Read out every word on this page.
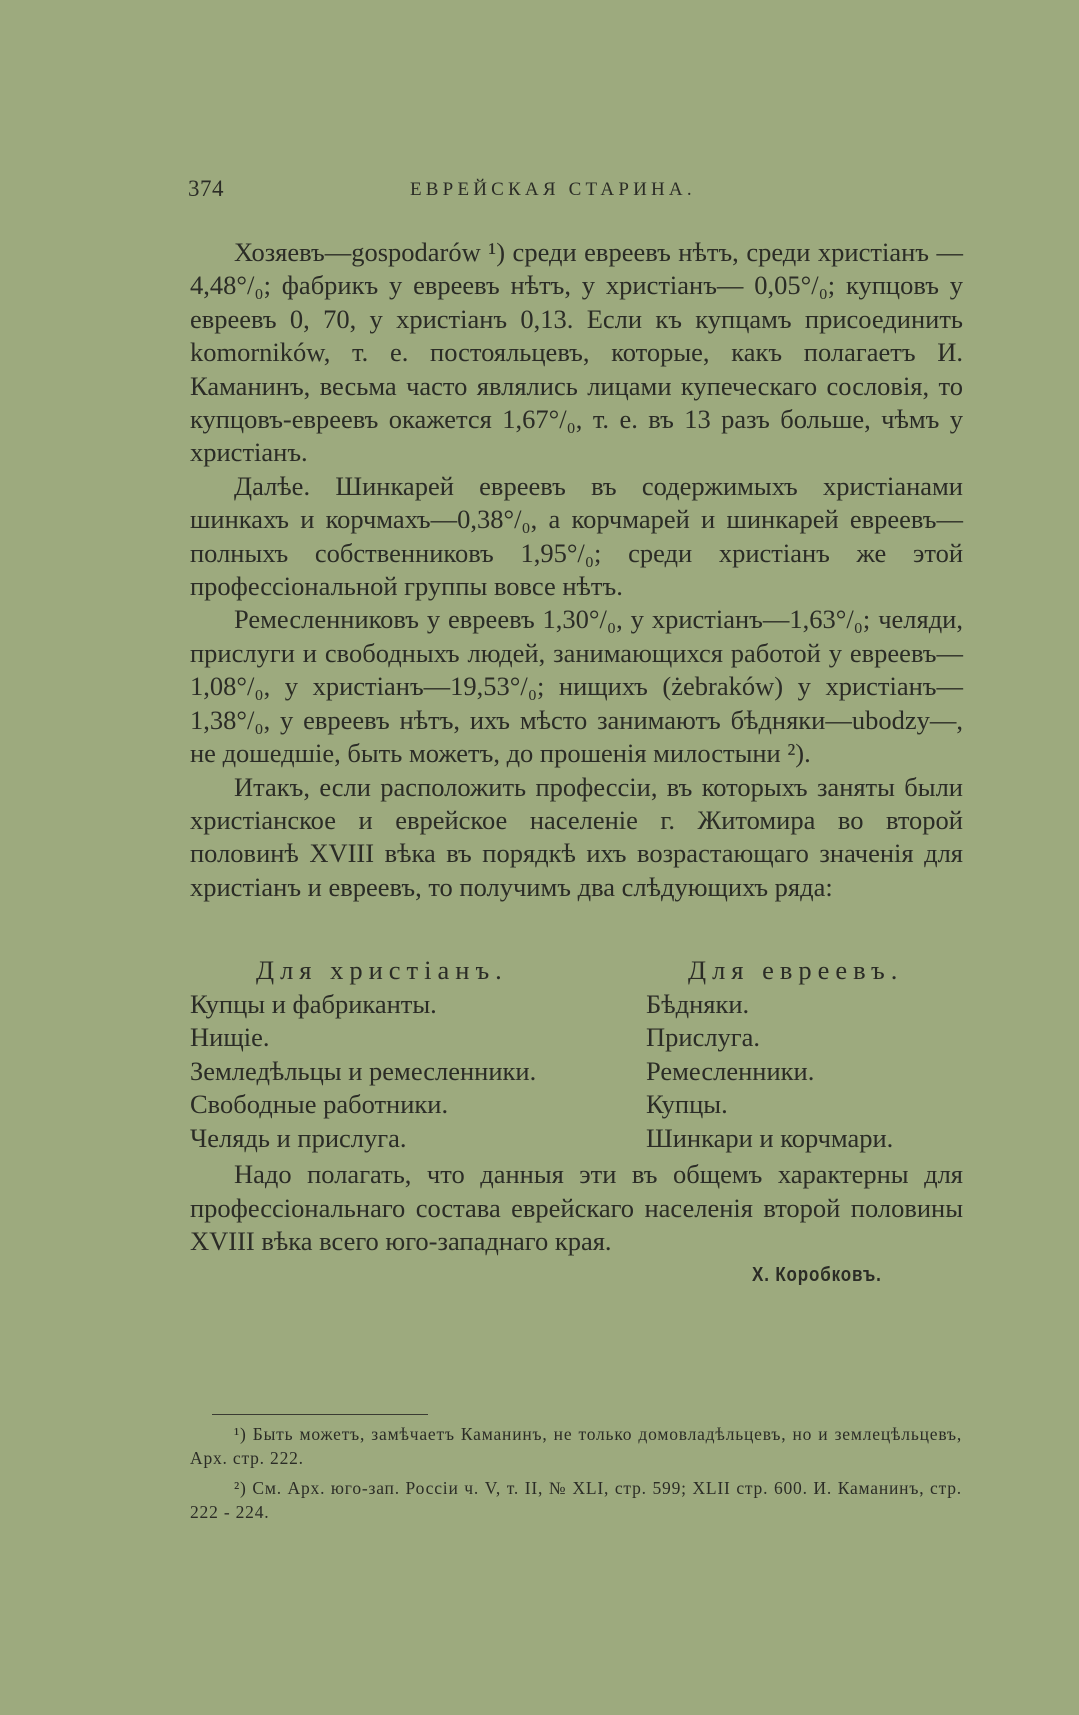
374	ЕВРЕЙСКАЯ СТАРИНА.

Хозяевъ—gospodarów ¹) среди евреевъ нѣтъ, среди христіанъ — 4,48°/₀; фабрикъ у евреевъ нѣтъ, у христіанъ— 0,05°/₀; купцовъ у евреевъ 0, 70, у христіанъ 0,13. Если къ купцамъ присоединить komorników, т. е. постояльцевъ, которые, какъ полагаетъ И. Каманинъ, весьма часто являлись лицами купеческаго сословія, то купцовъ-евреевъ окажется 1,67°/₀, т. е. въ 13 разъ больше, чѣмъ у христіанъ.

Далѣе. Шинкарей евреевъ въ содержимыхъ христіанами шинкахъ и корчмахъ—0,38°/₀, а корчмарей и шинкарей евреевъ—полныхъ собственниковъ 1,95°/₀; среди христіанъ же этой профессіональной группы вовсе нѣтъ.

Ремесленниковъ у евреевъ 1,30°/₀, у христіанъ—1,63°/₀; челяди, прислуги и свободныхъ людей, занимающихся работой у евреевъ—1,08°/₀, у христіанъ—19,53°/₀; нищихъ (żebraków) у христіанъ—1,38°/₀, у евреевъ нѣтъ, ихъ мѣсто занимаютъ бѣдняки—ubodzy—, не дошедшіе, быть можетъ, до прошенія милостыни ²).

Итакъ, если расположить профессіи, въ которыхъ заняты были христіанское и еврейское населеніе г. Житомира во второй половинѣ XVIII вѣка въ порядкѣ ихъ возрастающаго значенія для христіанъ и евреевъ, то получимъ два слѣдующихъ ряда:

Для христіанъ.
Купцы и фабриканты.
Нищіе.
Земледѣльцы и ремесленники.
Свободные работники.
Челядь и прислуга.
Для евреевъ.
Бѣдняки.
Прислуга.
Ремесленники.
Купцы.
Шинкари и корчмари.

Надо полагать, что данныя эти въ общемъ характерны для профессіональнаго состава еврейскаго населенія второй половины XVIII вѣка всего юго-западнаго края.

Х. Коробковъ.

¹) Быть можетъ, замѣчаетъ Каманинъ, не только домовладѣльцевъ, но и землецѣльцевъ, Арх. стр. 222.

²) См. Арх. юго-зап. Россіи ч. V, т. II, № XLI, стр. 599; XLII стр. 600. И. Каманинъ, стр. 222 - 224.
